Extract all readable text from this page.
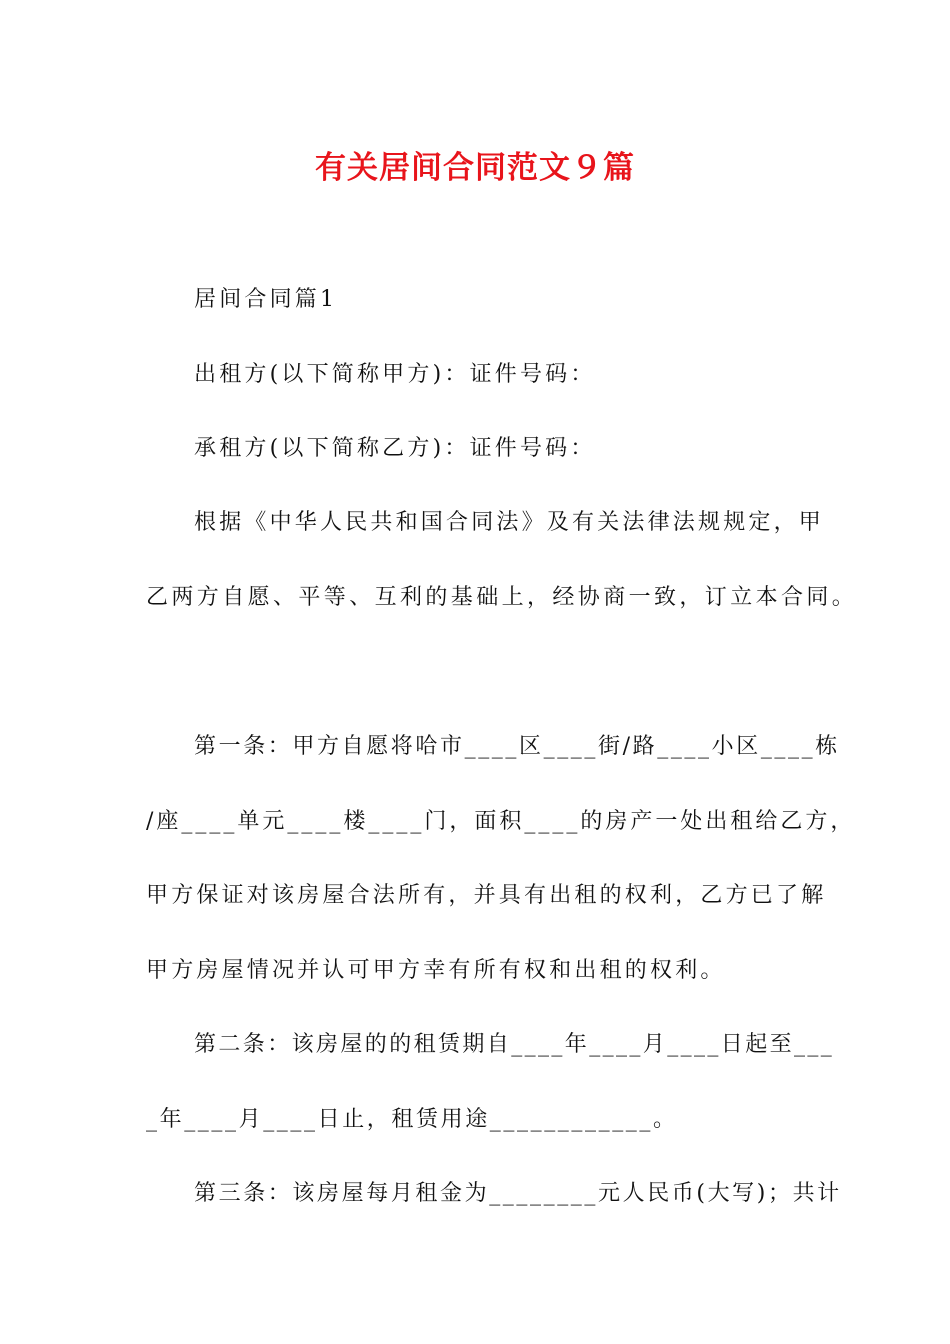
有关居间合同范文９篇
居间合同篇1
出租方(以下简称甲方)：证件号码：
承租方(以下简称乙方)：证件号码：
根据《中华人民共和国合同法》及有关法律法规规定，甲
乙两方自愿、平等、互利的基础上，经协商一致，订立本合同。
第一条：甲方自愿将哈市____区____街/路____小区____栋
/座____单元____楼____门，面积____的房产一处出租给乙方，
甲方保证对该房屋合法所有，并具有出租的权利，乙方已了解
甲方房屋情况并认可甲方幸有所有权和出租的权利。
第二条：该房屋的的租赁期自____年____月____日起至___
_年____月____日止，租赁用途____________。
第三条：该房屋每月租金为________元人民币(大写)；共计
